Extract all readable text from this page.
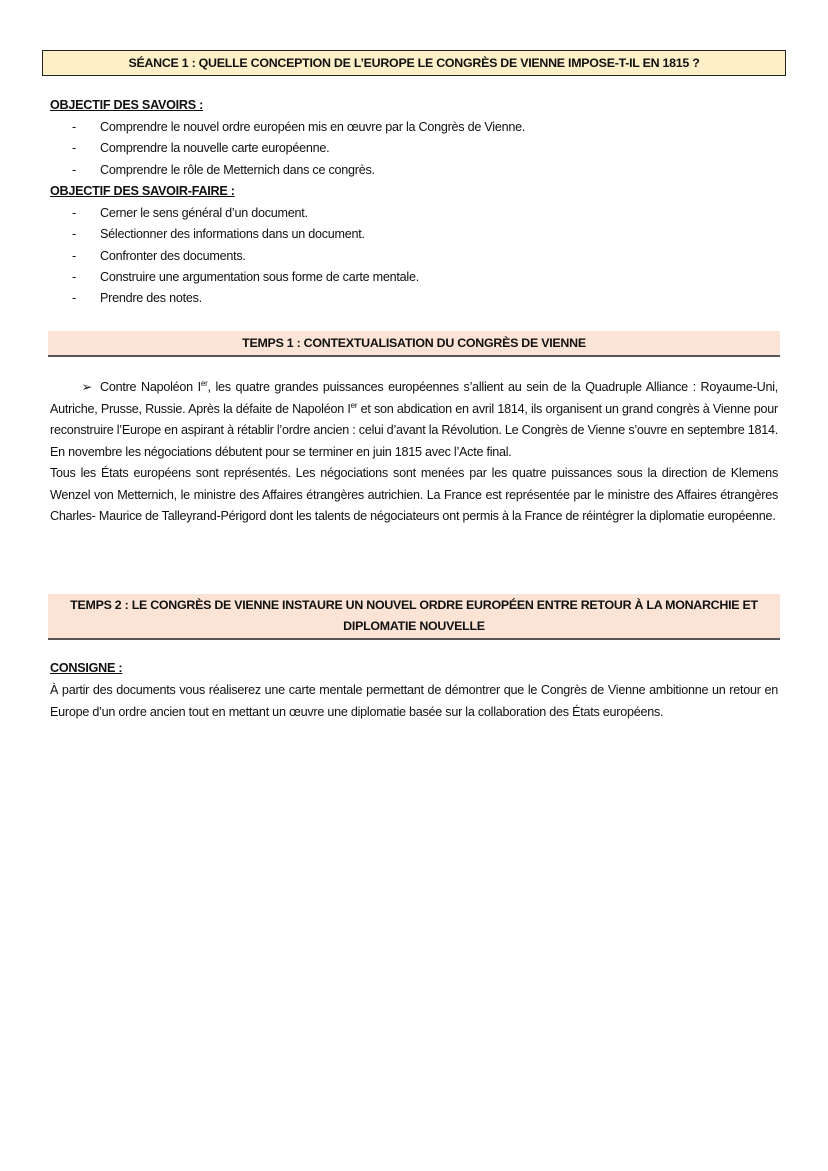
SÉANCE 1 : QUELLE CONCEPTION DE L’EUROPE LE CONGRÈS DE VIENNE IMPOSE-T-IL EN 1815 ?
OBJECTIF DES SAVOIRS :
- Comprendre le nouvel ordre européen mis en œuvre par la Congrès de Vienne.
- Comprendre la nouvelle carte européenne.
- Comprendre le rôle de Metternich dans ce congrès.
OBJECTIF DES SAVOIR-FAIRE :
- Cerner le sens général d’un document.
- Sélectionner des informations dans un document.
- Confronter des documents.
- Construire une argumentation sous forme de carte mentale.
- Prendre des notes.
TEMPS 1 : CONTEXTUALISATION DU CONGRÈS DE VIENNE

➢ Contre Napoléon Ier, les quatre grandes puissances européennes s’allient au sein de la Quadruple Alliance : Royaume-Uni, Autriche, Prusse, Russie. Après la défaite de Napoléon Ier et son abdication en avril 1814, ils organisent un grand congrès à Vienne pour reconstruire l’Europe en aspirant à rétablir l’ordre ancien : celui d’avant la Révolution. Le Congrès de Vienne s’ouvre en septembre 1814. En novembre les négociations débutent pour se terminer en juin 1815 avec l’Acte final.

Tous les États européens sont représentés. Les négociations sont menées par les quatre puissances sous la direction de Klemens Wenzel von Metternich, le ministre des Affaires étrangères autrichien. La France est représentée par le ministre des Affaires étrangères Charles- Maurice de Talleyrand-Périgord dont les talents de négociateurs ont permis à la France de réintégrer la diplomatie européenne.

TEMPS 2 : LE CONGRÈS DE VIENNE INSTAURE UN NOUVEL ORDRE EUROPÉEN ENTRE RETOUR À LA MONARCHIE ET DIPLOMATIE NOUVELLE
CONSIGNE :
À partir des documents vous réaliserez une carte mentale permettant de démontrer que le Congrès de Vienne ambitionne un retour en Europe d’un ordre ancien tout en mettant un œuvre une diplomatie basée sur la collaboration des États européens.
